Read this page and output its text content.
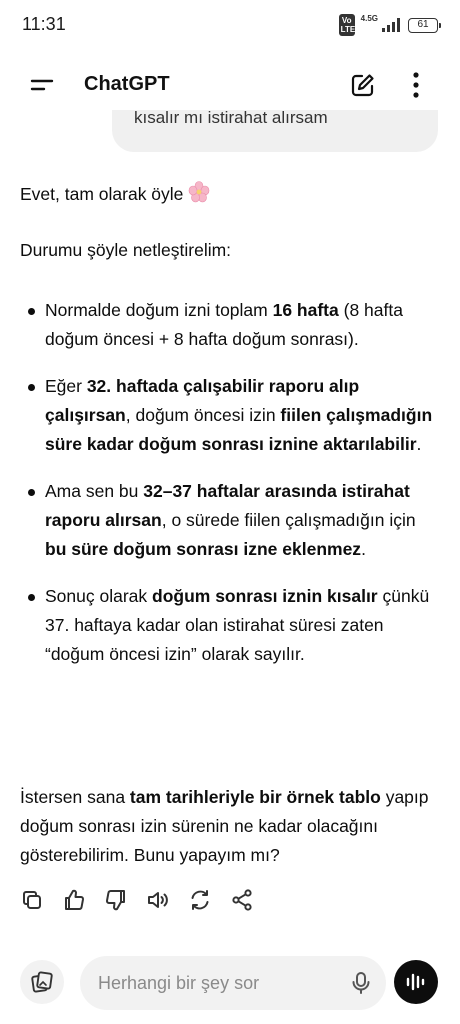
11:31	Vo LTE
4.5G	61
ChatGPT
kısalır mı istirahat alırsam

Evet, tam olarak öyle

Durumu şöyle netleştirelim:

Normalde doğum izni toplam 16 hafta (8 hafta doğum öncesi + 8 hafta doğum sonrası).
Eğer 32. haftada çalışabilir raporu alıp çalışırsan, doğum öncesi izin fiilen çalışmadığın süre kadar doğum sonrası iznine aktarılabilir.
Ama sen bu 32–37 haftalar arasında istirahat raporu alırsan, o sürede fiilen çalışmadığın için bu süre doğum sonrası izne eklenmez.
Sonuç olarak doğum sonrası iznin kısalır çünkü 37. haftaya kadar olan istirahat süresi zaten “doğum öncesi izin” olarak sayılır.

İstersen sana tam tarihleriyle bir örnek tablo yapıp doğum sonrası izin sürenin ne kadar olacağını gösterebilirim. Bunu yapayım mı?

Herhangi bir şey sor
